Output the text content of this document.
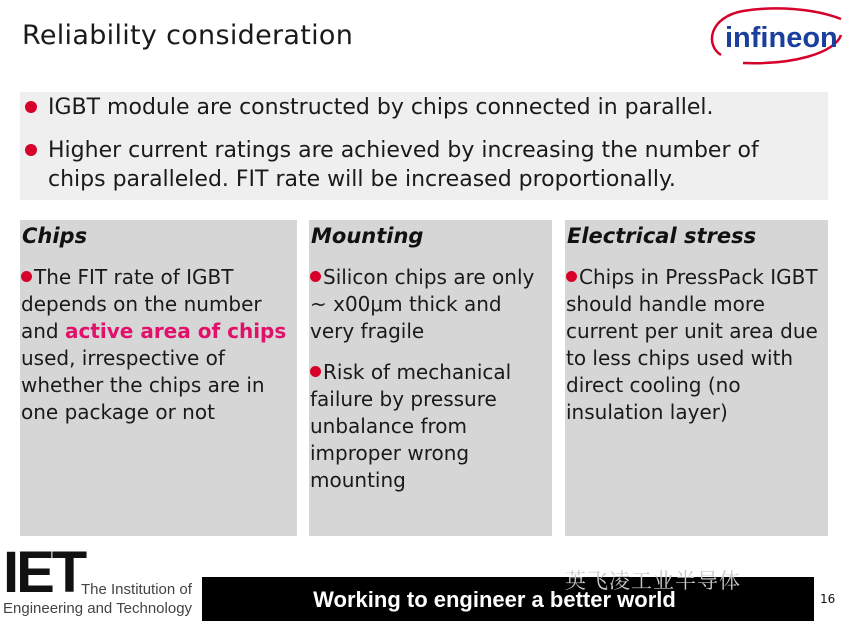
Reliability consideration	infineon
IGBT module are constructed by chips connected in parallel.
Higher current ratings are achieved by increasing the number of
chips paralleled. FIT rate will be increased proportionally.
Chips

The FIT rate of IGBT depends on the number and active area of chips used, irrespective of whether the chips are in one package or not

Mounting

Silicon chips are only ~ x00μm thick and very fragile

Risk of mechanical failure by pressure unbalance from improper wrong mounting

Electrical stress

Chips in PressPack IGBT should handle more current per unit area due to less chips used with direct cooling (no insulation layer)

IET
The Institution of
Engineering and Technology	Working to engineer a better world
英飞凌工业半导体
16
